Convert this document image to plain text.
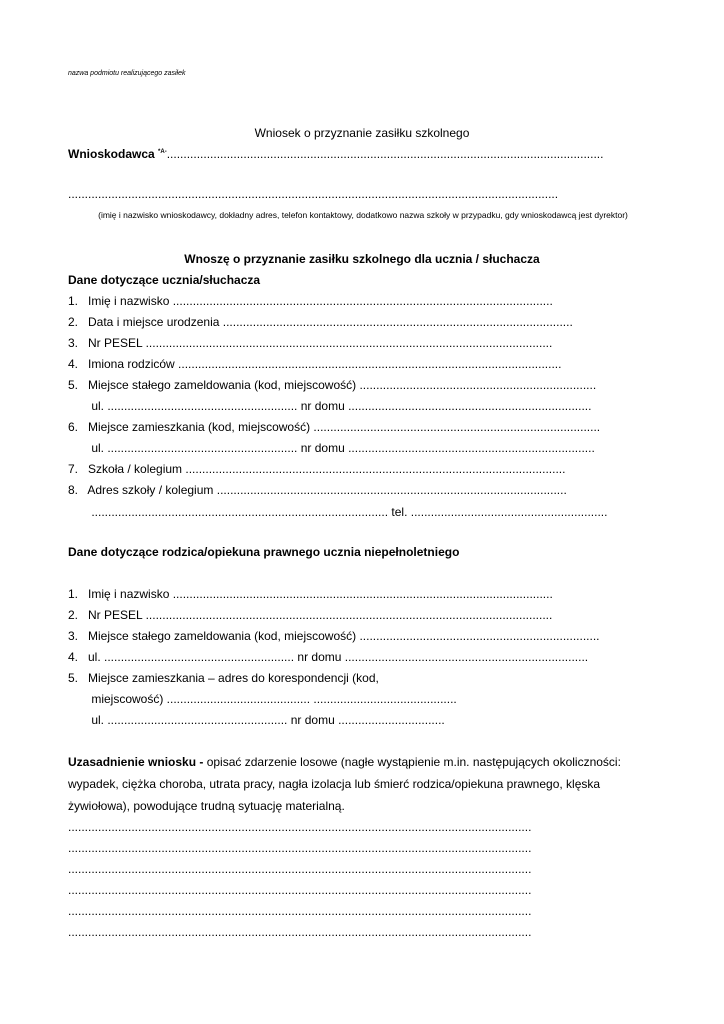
nazwa podmiotu realizującego zasiłek
Wniosek o przyznanie zasiłku szkolnego
Wnioskodawca $^{*A-}$...................................................................................................................................
...................................................................................................................................................
(imię i nazwisko wnioskodawcy, dokładny adres, telefon kontaktowy, dodatkowo nazwa szkoły w przypadku, gdy wnioskodawcą jest dyrektor)
Wnoszę o przyznanie zasiłku szkolnego dla ucznia / słuchacza
Dane dotyczące ucznia/słuchacza
1.   Imię i nazwisko ..................................................................................................................
2.   Data i miejsce urodzenia .........................................................................................................
3.   Nr PESEL ..........................................................................................................................
4.   Imiona rodziców ...................................................................................................................
5.   Miejsce stałego zameldowania (kod, miejscowość) .......................................................................
ul. ......................................................... nr domu .........................................................................
6.   Miejsce zamieszkania (kod, miejscowość) ......................................................................................
ul. ......................................................... nr domu ..........................................................................
7.   Szkoła / kolegium ..................................................................................................................
8.   Adres szkoły / kolegium .........................................................................................................
......................................................................................... tel. ...........................................................
Dane dotyczące rodzica/opiekuna prawnego ucznia niepełnoletniego
1.   Imię i nazwisko ..................................................................................................................
2.   Nr PESEL ..........................................................................................................................
3.   Miejsce stałego zameldowania (kod, miejscowość) ........................................................................
4.   ul. ......................................................... nr domu .........................................................................
5.   Miejsce zamieszkania – adres do korespondencji (kod,
miejscowość) ........................................... ...........................................
ul. ...................................................... nr domu ................................
Uzasadnienie wniosku - opisać zdarzenie losowe (nagłe wystąpienie m.in. następujących okoliczności:
wypadek, ciężka choroba, utrata pracy, nagła izolacja lub śmierć rodzica/opiekuna prawnego, klęska
żywiołowa), powodujące trudną sytuację materialną.
...........................................................................................................................................
...........................................................................................................................................
...........................................................................................................................................
...........................................................................................................................................
...........................................................................................................................................
...........................................................................................................................................
